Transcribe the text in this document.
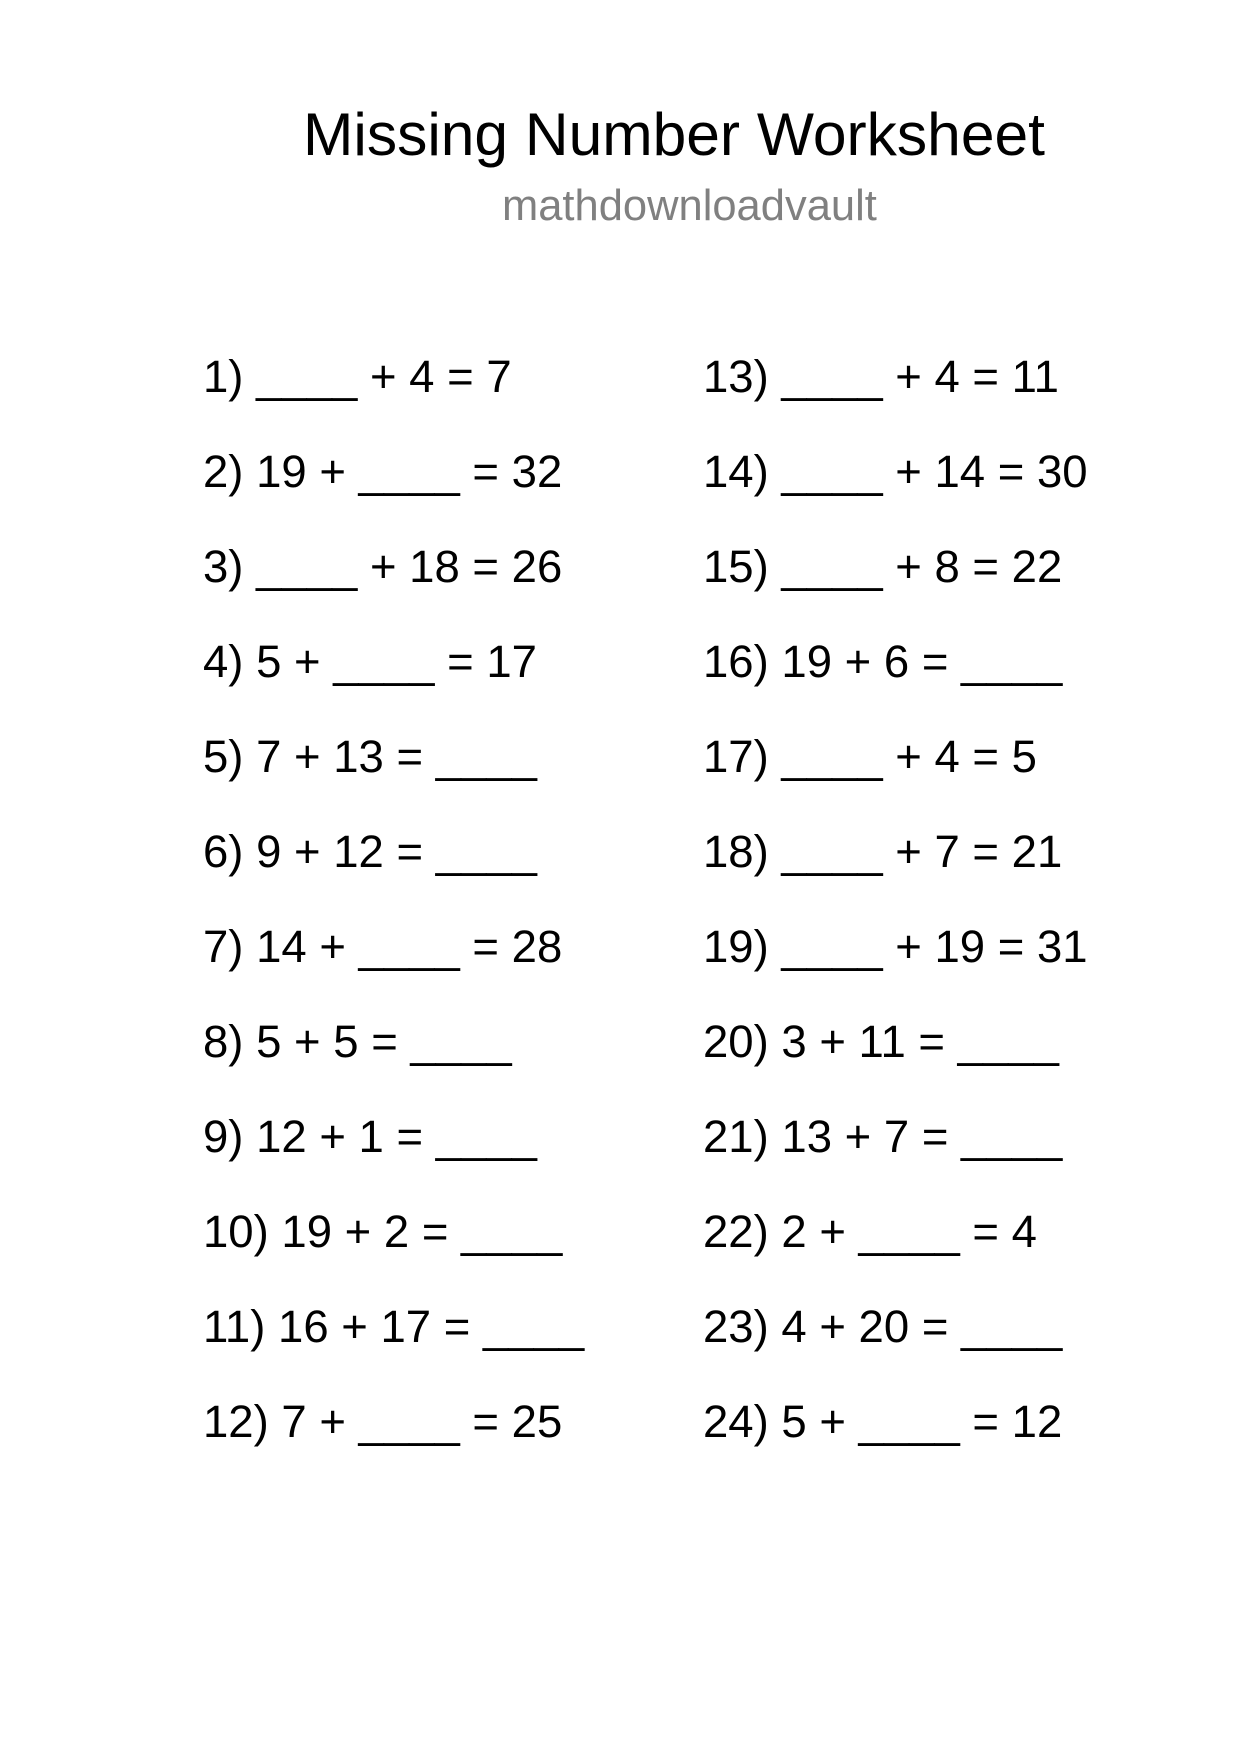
Missing Number Worksheet
mathdownloadvault
1) ____ + 4 = 7
2) 19 + ____ = 32
3) ____ + 18 = 26
4) 5 + ____ = 17
5) 7 + 13 = ____
6) 9 + 12 = ____
7) 14 + ____ = 28
8) 5 + 5 = ____
9) 12 + 1 = ____
10) 19 + 2 = ____
11) 16 + 17 = ____
12) 7 + ____ = 25
13) ____ + 4 = 11
14) ____ + 14 = 30
15) ____ + 8 = 22
16) 19 + 6 = ____
17) ____ + 4 = 5
18) ____ + 7 = 21
19) ____ + 19 = 31
20) 3 + 11 = ____
21) 13 + 7 = ____
22) 2 + ____ = 4
23) 4 + 20 = ____
24) 5 + ____ = 12
